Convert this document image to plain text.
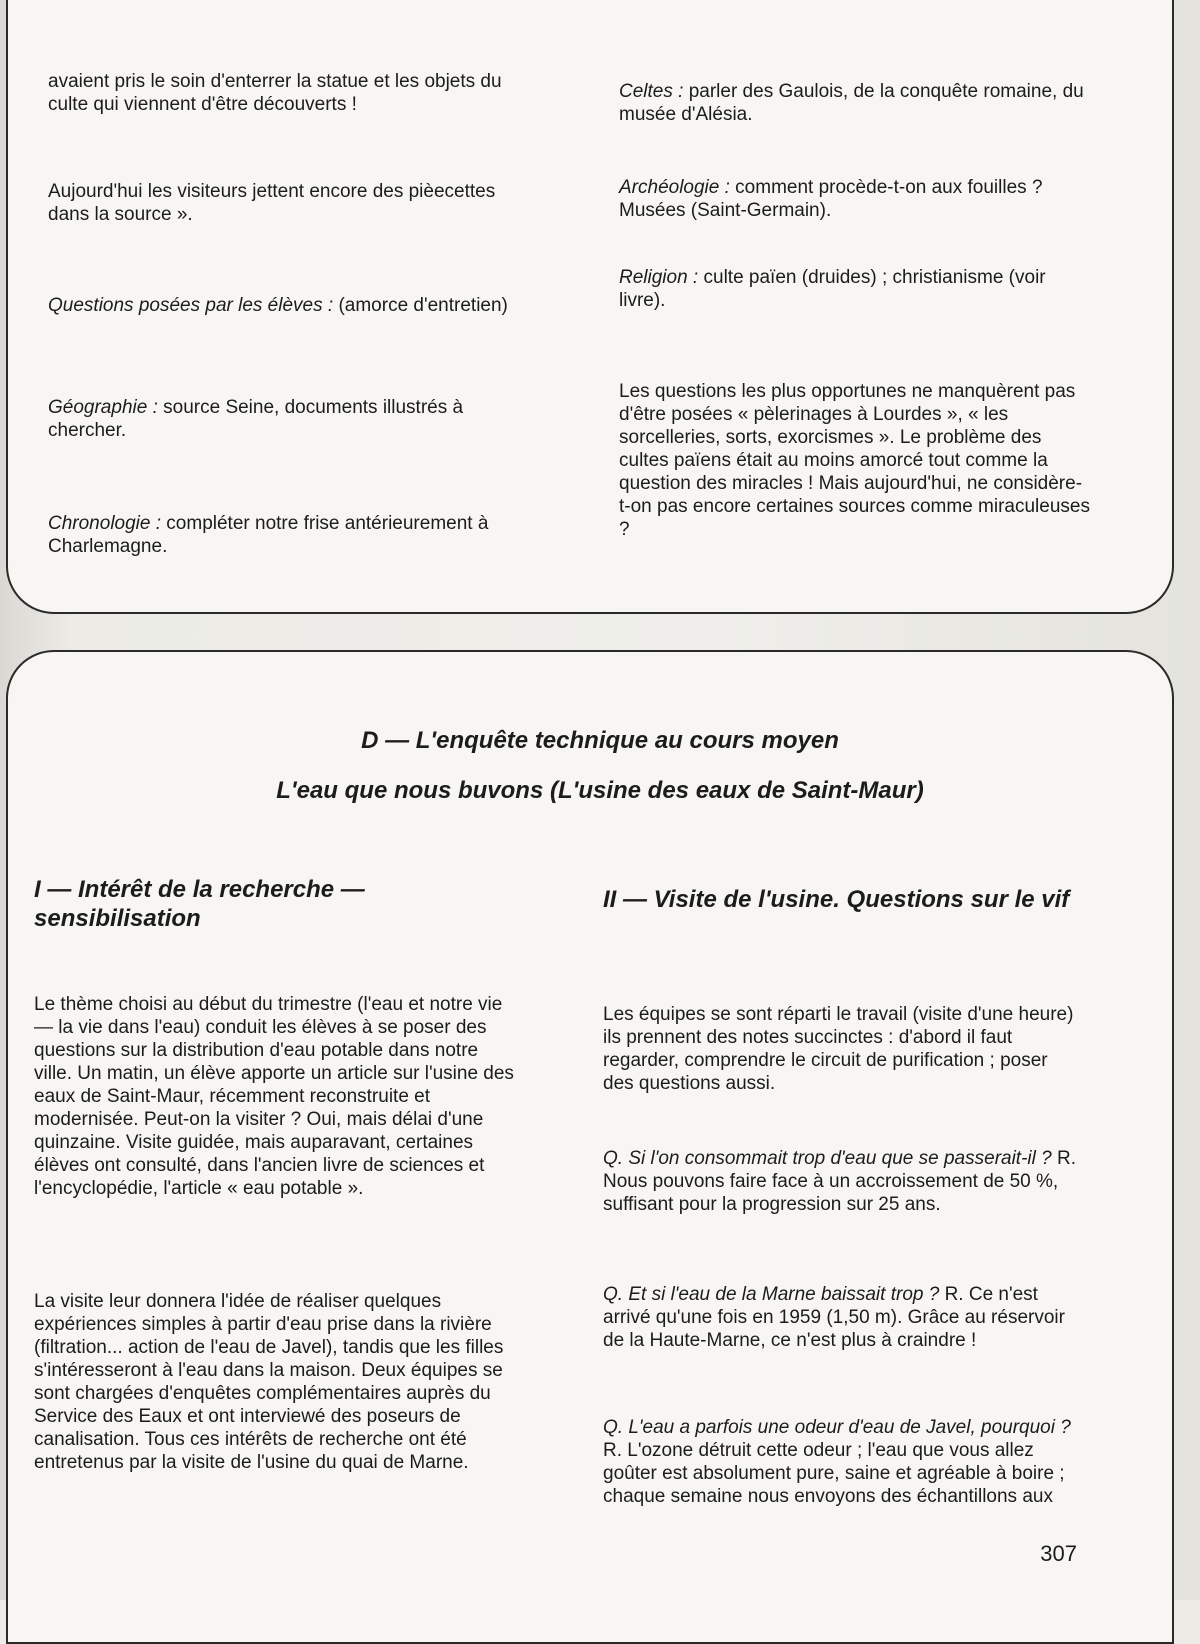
avaient pris le soin d'enterrer la statue et les objets du culte qui viennent d'être découverts !

Aujourd'hui les visiteurs jettent encore des pièecettes dans la source ».

Questions posées par les élèves : (amorce d'entretien)

Géographie : source Seine, documents illustrés à chercher.

Chronologie : compléter notre frise antérieurement à Charlemagne.

Celtes : parler des Gaulois, de la conquête romaine, du musée d'Alésia.

Archéologie : comment procède-t-on aux fouilles ? Musées (Saint-Germain).

Religion : culte païen (druides) ; christianisme (voir livre).

Les questions les plus opportunes ne manquèrent pas d'être posées « pèlerinages à Lourdes », « les sorcelleries, sorts, exorcismes ». Le problème des cultes païens était au moins amorcé tout comme la question des miracles ! Mais aujourd'hui, ne considère-t-on pas encore certaines sources comme miraculeuses ?

D — L'enquête technique au cours moyen
L'eau que nous buvons (L'usine des eaux de Saint-Maur)

I — Intérêt de la recherche — sensibilisation

Le thème choisi au début du trimestre (l'eau et notre vie — la vie dans l'eau) conduit les élèves à se poser des questions sur la distribution d'eau potable dans notre ville. Un matin, un élève apporte un article sur l'usine des eaux de Saint-Maur, récemment reconstruite et modernisée. Peut-on la visiter ? Oui, mais délai d'une quinzaine. Visite guidée, mais auparavant, certaines élèves ont consulté, dans l'ancien livre de sciences et l'encyclopédie, l'article « eau potable ».

La visite leur donnera l'idée de réaliser quelques expériences simples à partir d'eau prise dans la rivière (filtration... action de l'eau de Javel), tandis que les filles s'intéresseront à l'eau dans la maison. Deux équipes se sont chargées d'enquêtes complémentaires auprès du Service des Eaux et ont interviewé des poseurs de canalisation. Tous ces intérêts de recherche ont été entretenus par la visite de l'usine du quai de Marne.

II — Visite de l'usine. Questions sur le vif

Les équipes se sont réparti le travail (visite d'une heure) ils prennent des notes succinctes : d'abord il faut regarder, comprendre le circuit de purification ; poser des questions aussi.

Q. Si l'on consommait trop d'eau que se passerait-il ? R. Nous pouvons faire face à un accroissement de 50 %, suffisant pour la progression sur 25 ans.

Q. Et si l'eau de la Marne baissait trop ? R. Ce n'est arrivé qu'une fois en 1959 (1,50 m). Grâce au réservoir de la Haute-Marne, ce n'est plus à craindre !

Q. L'eau a parfois une odeur d'eau de Javel, pourquoi ? R. L'ozone détruit cette odeur ; l'eau que vous allez goûter est absolument pure, saine et agréable à boire ; chaque semaine nous envoyons des échantillons aux

307
